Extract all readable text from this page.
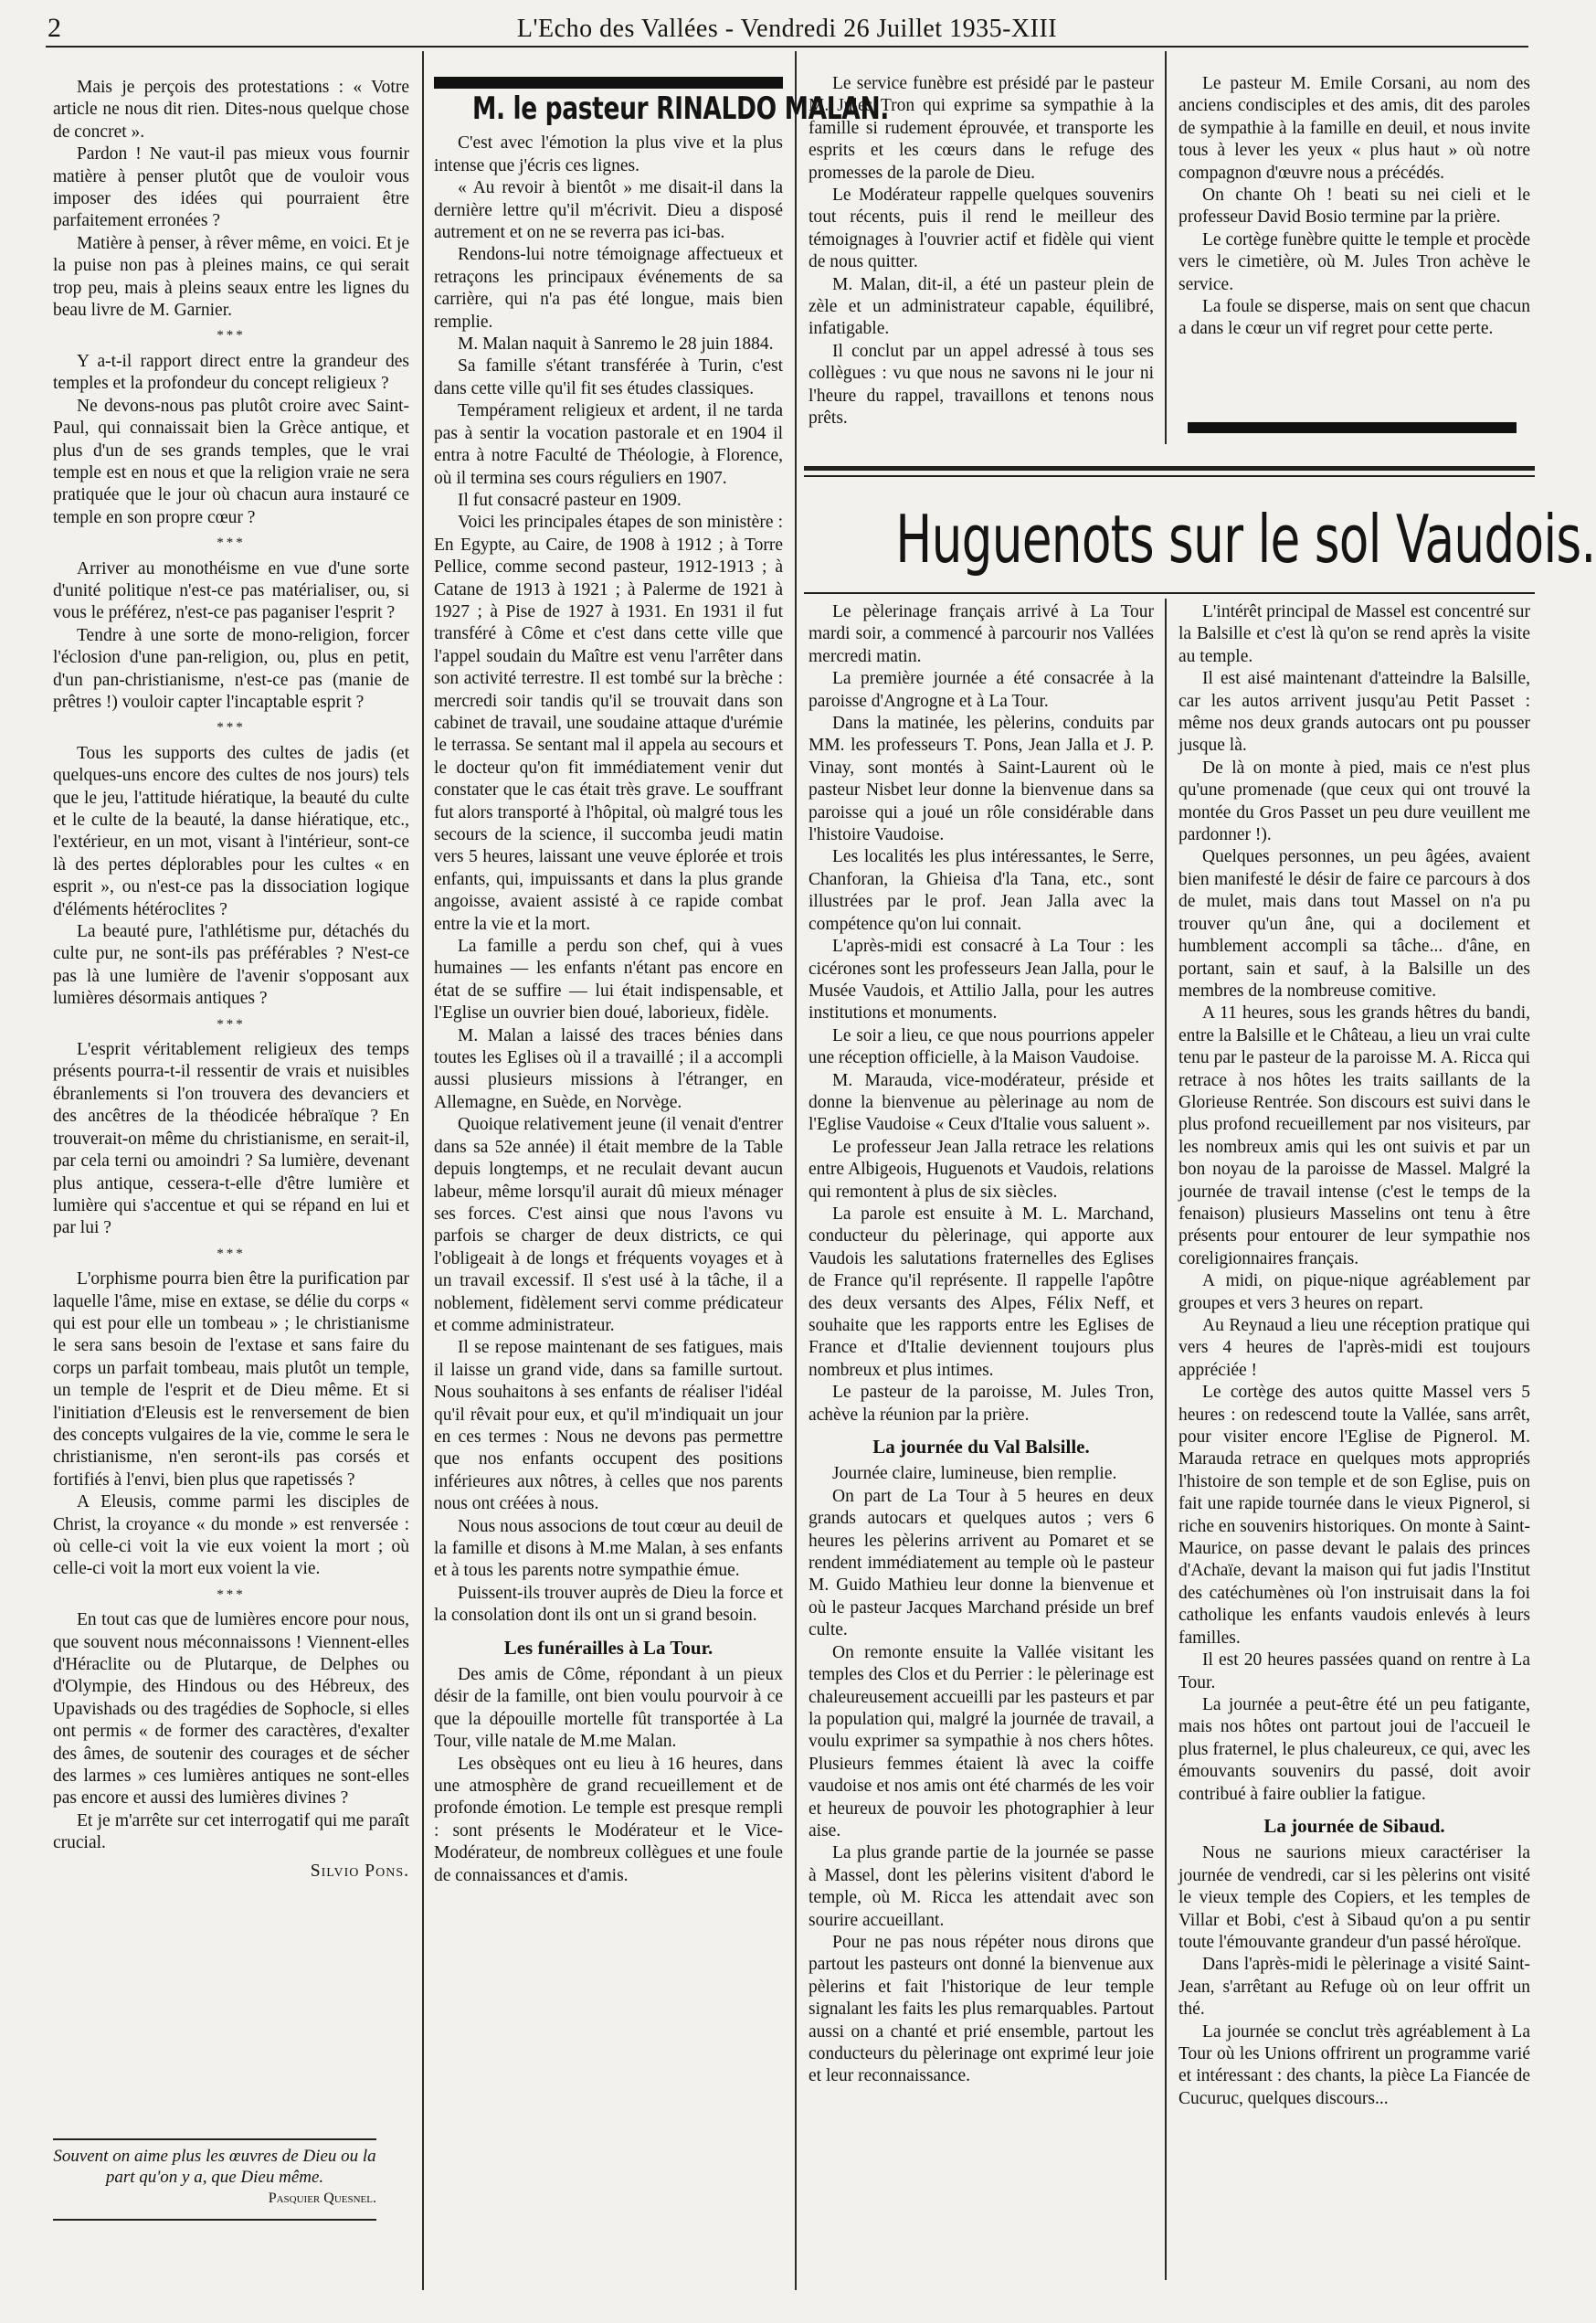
2	L'Echo des Vallées - Vendredi 26 Juillet 1935-XIII

Mais je perçois des protestations : « Votre article ne nous dit rien. Dites-nous quelque chose de concret ».

Pardon ! Ne vaut-il pas mieux vous fournir matière à penser plutôt que de vouloir vous imposer des idées qui pourraient être parfaitement erronées ?

Matière à penser, à rêver même, en voici. Et je la puise non pas à pleines mains, ce qui serait trop peu, mais à pleins seaux entre les lignes du beau livre de M. Garnier.

***

Y a-t-il rapport direct entre la grandeur des temples et la profondeur du concept religieux ?

Ne devons-nous pas plutôt croire avec Saint-Paul, qui connaissait bien la Grèce antique, et plus d'un de ses grands temples, que le vrai temple est en nous et que la religion vraie ne sera pratiquée que le jour où chacun aura instauré ce temple en son propre cœur ?

***

Arriver au monothéisme en vue d'une sorte d'unité politique n'est-ce pas matérialiser, ou, si vous le préférez, n'est-ce pas paganiser l'esprit ?

Tendre à une sorte de mono-religion, forcer l'éclosion d'une pan-religion, ou, plus en petit, d'un pan-christianisme, n'est-ce pas (manie de prêtres !) vouloir capter l'incaptable esprit ?

***

Tous les supports des cultes de jadis (et quelques-uns encore des cultes de nos jours) tels que le jeu, l'attitude hiératique, la beauté du culte et le culte de la beauté, la danse hiératique, etc., l'extérieur, en un mot, visant à l'intérieur, sont-ce là des pertes déplorables pour les cultes « en esprit », ou n'est-ce pas la dissociation logique d'éléments hétéroclites ?

La beauté pure, l'athlétisme pur, détachés du culte pur, ne sont-ils pas préférables ? N'est-ce pas là une lumière de l'avenir s'opposant aux lumières désormais antiques ?

***

L'esprit véritablement religieux des temps présents pourra-t-il ressentir de vrais et nuisibles ébranlements si l'on trouvera des devanciers et des ancêtres de la théodicée hébraïque ? En trouverait-on même du christianisme, en serait-il, par cela terni ou amoindri ? Sa lumière, devenant plus antique, cessera-t-elle d'être lumière et lumière qui s'accentue et qui se répand en lui et par lui ?

***

L'orphisme pourra bien être la purification par laquelle l'âme, mise en extase, se délie du corps « qui est pour elle un tombeau » ; le christianisme le sera sans besoin de l'extase et sans faire du corps un parfait tombeau, mais plutôt un temple, un temple de l'esprit et de Dieu même. Et si l'initiation d'Eleusis est le renversement de bien des concepts vulgaires de la vie, comme le sera le christianisme, n'en seront-ils pas corsés et fortifiés à l'envi, bien plus que rapetissés ?

A Eleusis, comme parmi les disciples de Christ, la croyance « du monde » est renversée : où celle-ci voit la vie eux voient la mort ; où celle-ci voit la mort eux voient la vie.

***

En tout cas que de lumières encore pour nous, que souvent nous méconnaissons ! Viennent-elles d'Héraclite ou de Plutarque, de Delphes ou d'Olympie, des Hindous ou des Hébreux, des Upavishads ou des tragédies de Sophocle, si elles ont permis « de former des caractères, d'exalter des âmes, de soutenir des courages et de sécher des larmes » ces lumières antiques ne sont-elles pas encore et aussi des lumières divines ?

Et je m'arrête sur cet interrogatif qui me paraît crucial.

Silvio Pons.
Souvent on aime plus les œuvres de Dieu ou la part qu'on y a, que Dieu même.
Pasquier Quesnel.
M. le pasteur RINALDO MALAN.

C'est avec l'émotion la plus vive et la plus intense que j'écris ces lignes.

« Au revoir à bientôt » me disait-il dans la dernière lettre qu'il m'écrivit. Dieu a disposé autrement et on ne se reverra pas ici-bas.

Rendons-lui notre témoignage affectueux et retraçons les principaux événements de sa carrière, qui n'a pas été longue, mais bien remplie.

M. Malan naquit à Sanremo le 28 juin 1884.

Sa famille s'étant transférée à Turin, c'est dans cette ville qu'il fit ses études classiques.

Tempérament religieux et ardent, il ne tarda pas à sentir la vocation pastorale et en 1904 il entra à notre Faculté de Théologie, à Florence, où il termina ses cours réguliers en 1907.

Il fut consacré pasteur en 1909.

Voici les principales étapes de son ministère : En Egypte, au Caire, de 1908 à 1912 ; à Torre Pellice, comme second pasteur, 1912-1913 ; à Catane de 1913 à 1921 ; à Palerme de 1921 à 1927 ; à Pise de 1927 à 1931. En 1931 il fut transféré à Côme et c'est dans cette ville que l'appel soudain du Maître est venu l'arrêter dans son activité terrestre. Il est tombé sur la brèche : mercredi soir tandis qu'il se trouvait dans son cabinet de travail, une soudaine attaque d'urémie le terrassa. Se sentant mal il appela au secours et le docteur qu'on fit immédiatement venir dut constater que le cas était très grave. Le souffrant fut alors transporté à l'hôpital, où malgré tous les secours de la science, il succomba jeudi matin vers 5 heures, laissant une veuve éplorée et trois enfants, qui, impuissants et dans la plus grande angoisse, avaient assisté à ce rapide combat entre la vie et la mort.

La famille a perdu son chef, qui à vues humaines — les enfants n'étant pas encore en état de se suffire — lui était indispensable, et l'Eglise un ouvrier bien doué, laborieux, fidèle.

M. Malan a laissé des traces bénies dans toutes les Eglises où il a travaillé ; il a accompli aussi plusieurs missions à l'étranger, en Allemagne, en Suède, en Norvège.

Quoique relativement jeune (il venait d'entrer dans sa 52e année) il était membre de la Table depuis longtemps, et ne reculait devant aucun labeur, même lorsqu'il aurait dû mieux ménager ses forces. C'est ainsi que nous l'avons vu parfois se charger de deux districts, ce qui l'obligeait à de longs et fréquents voyages et à un travail excessif. Il s'est usé à la tâche, il a noblement, fidèlement servi comme prédicateur et comme administrateur.

Il se repose maintenant de ses fatigues, mais il laisse un grand vide, dans sa famille surtout. Nous souhaitons à ses enfants de réaliser l'idéal qu'il rêvait pour eux, et qu'il m'indiquait un jour en ces termes : Nous ne devons pas permettre que nos enfants occupent des positions inférieures aux nôtres, à celles que nos parents nous ont créées à nous.

Nous nous associons de tout cœur au deuil de la famille et disons à M.me Malan, à ses enfants et à tous les parents notre sympathie émue.

Puissent-ils trouver auprès de Dieu la force et la consolation dont ils ont un si grand besoin.

Les funérailles à La Tour.

Des amis de Côme, répondant à un pieux désir de la famille, ont bien voulu pourvoir à ce que la dépouille mortelle fût transportée à La Tour, ville natale de M.me Malan.

Les obsèques ont eu lieu à 16 heures, dans une atmosphère de grand recueillement et de profonde émotion. Le temple est presque rempli : sont présents le Modérateur et le Vice-Modérateur, de nombreux collègues et une foule de connaissances et d'amis.

Le service funèbre est présidé par le pasteur M. Jules Tron qui exprime sa sympathie à la famille si rudement éprouvée, et transporte les esprits et les cœurs dans le refuge des promesses de la parole de Dieu.

Le Modérateur rappelle quelques souvenirs tout récents, puis il rend le meilleur des témoignages à l'ouvrier actif et fidèle qui vient de nous quitter.

M. Malan, dit-il, a été un pasteur plein de zèle et un administrateur capable, équilibré, infatigable.

Il conclut par un appel adressé à tous ses collègues : vu que nous ne savons ni le jour ni l'heure du rappel, travaillons et tenons nous prêts.

Le pasteur M. Emile Corsani, au nom des anciens condisciples et des amis, dit des paroles de sympathie à la famille en deuil, et nous invite tous à lever les yeux « plus haut » où notre compagnon d'œuvre nous a précédés.

On chante Oh ! beati su nei cieli et le professeur David Bosio termine par la prière.

Le cortège funèbre quitte le temple et procède vers le cimetière, où M. Jules Tron achève le service.

La foule se disperse, mais on sent que chacun a dans le cœur un vif regret pour cette perte.

Huguenots sur le sol Vaudois.

Le pèlerinage français arrivé à La Tour mardi soir, a commencé à parcourir nos Vallées mercredi matin.

La première journée a été consacrée à la paroisse d'Angrogne et à La Tour.

Dans la matinée, les pèlerins, conduits par MM. les professeurs T. Pons, Jean Jalla et J. P. Vinay, sont montés à Saint-Laurent où le pasteur Nisbet leur donne la bienvenue dans sa paroisse qui a joué un rôle considérable dans l'histoire Vaudoise.

Les localités les plus intéressantes, le Serre, Chanforan, la Ghieisa d'la Tana, etc., sont illustrées par le prof. Jean Jalla avec la compétence qu'on lui connait.

L'après-midi est consacré à La Tour : les cicérones sont les professeurs Jean Jalla, pour le Musée Vaudois, et Attilio Jalla, pour les autres institutions et monuments.

Le soir a lieu, ce que nous pourrions appeler une réception officielle, à la Maison Vaudoise.

M. Marauda, vice-modérateur, préside et donne la bienvenue au pèlerinage au nom de l'Eglise Vaudoise « Ceux d'Italie vous saluent ».

Le professeur Jean Jalla retrace les relations entre Albigeois, Huguenots et Vaudois, relations qui remontent à plus de six siècles.

La parole est ensuite à M. L. Marchand, conducteur du pèlerinage, qui apporte aux Vaudois les salutations fraternelles des Eglises de France qu'il représente. Il rappelle l'apôtre des deux versants des Alpes, Félix Neff, et souhaite que les rapports entre les Eglises de France et d'Italie deviennent toujours plus nombreux et plus intimes.

Le pasteur de la paroisse, M. Jules Tron, achève la réunion par la prière.

La journée du Val Balsille.

Journée claire, lumineuse, bien remplie.

On part de La Tour à 5 heures en deux grands autocars et quelques autos ; vers 6 heures les pèlerins arrivent au Pomaret et se rendent immédiatement au temple où le pasteur M. Guido Mathieu leur donne la bienvenue et où le pasteur Jacques Marchand préside un bref culte.

On remonte ensuite la Vallée visitant les temples des Clos et du Perrier : le pèlerinage est chaleureusement accueilli par les pasteurs et par la population qui, malgré la journée de travail, a voulu exprimer sa sympathie à nos chers hôtes. Plusieurs femmes étaient là avec la coiffe vaudoise et nos amis ont été charmés de les voir et heureux de pouvoir les photographier à leur aise.

La plus grande partie de la journée se passe à Massel, dont les pèlerins visitent d'abord le temple, où M. Ricca les attendait avec son sourire accueillant.

Pour ne pas nous répéter nous dirons que partout les pasteurs ont donné la bienvenue aux pèlerins et fait l'historique de leur temple signalant les faits les plus remarquables. Partout aussi on a chanté et prié ensemble, partout les conducteurs du pèlerinage ont exprimé leur joie et leur reconnaissance.

L'intérêt principal de Massel est concentré sur la Balsille et c'est là qu'on se rend après la visite au temple.

Il est aisé maintenant d'atteindre la Balsille, car les autos arrivent jusqu'au Petit Passet : même nos deux grands autocars ont pu pousser jusque là.

De là on monte à pied, mais ce n'est plus qu'une promenade (que ceux qui ont trouvé la montée du Gros Passet un peu dure veuillent me pardonner !).

Quelques personnes, un peu âgées, avaient bien manifesté le désir de faire ce parcours à dos de mulet, mais dans tout Massel on n'a pu trouver qu'un âne, qui a docilement et humblement accompli sa tâche... d'âne, en portant, sain et sauf, à la Balsille un des membres de la nombreuse comitive.

A 11 heures, sous les grands hêtres du bandi, entre la Balsille et le Château, a lieu un vrai culte tenu par le pasteur de la paroisse M. A. Ricca qui retrace à nos hôtes les traits saillants de la Glorieuse Rentrée. Son discours est suivi dans le plus profond recueillement par nos visiteurs, par les nombreux amis qui les ont suivis et par un bon noyau de la paroisse de Massel. Malgré la journée de travail intense (c'est le temps de la fenaison) plusieurs Masselins ont tenu à être présents pour entourer de leur sympathie nos coreligionnaires français.

A midi, on pique-nique agréablement par groupes et vers 3 heures on repart.

Au Reynaud a lieu une réception pratique qui vers 4 heures de l'après-midi est toujours appréciée !

Le cortège des autos quitte Massel vers 5 heures : on redescend toute la Vallée, sans arrêt, pour visiter encore l'Eglise de Pignerol. M. Marauda retrace en quelques mots appropriés l'histoire de son temple et de son Eglise, puis on fait une rapide tournée dans le vieux Pignerol, si riche en souvenirs historiques. On monte à Saint-Maurice, on passe devant le palais des princes d'Achaïe, devant la maison qui fut jadis l'Institut des catéchumènes où l'on instruisait dans la foi catholique les enfants vaudois enlevés à leurs familles.

Il est 20 heures passées quand on rentre à La Tour.

La journée a peut-être été un peu fatigante, mais nos hôtes ont partout joui de l'accueil le plus fraternel, le plus chaleureux, ce qui, avec les émouvants souvenirs du passé, doit avoir contribué à faire oublier la fatigue.

La journée de Sibaud.

Nous ne saurions mieux caractériser la journée de vendredi, car si les pèlerins ont visité le vieux temple des Copiers, et les temples de Villar et Bobi, c'est à Sibaud qu'on a pu sentir toute l'émouvante grandeur d'un passé héroïque.

Dans l'après-midi le pèlerinage a visité Saint-Jean, s'arrêtant au Refuge où on leur offrit un thé.

La journée se conclut très agréablement à La Tour où les Unions offrirent un programme varié et intéressant : des chants, la pièce La Fiancée de Cucuruc, quelques discours...
